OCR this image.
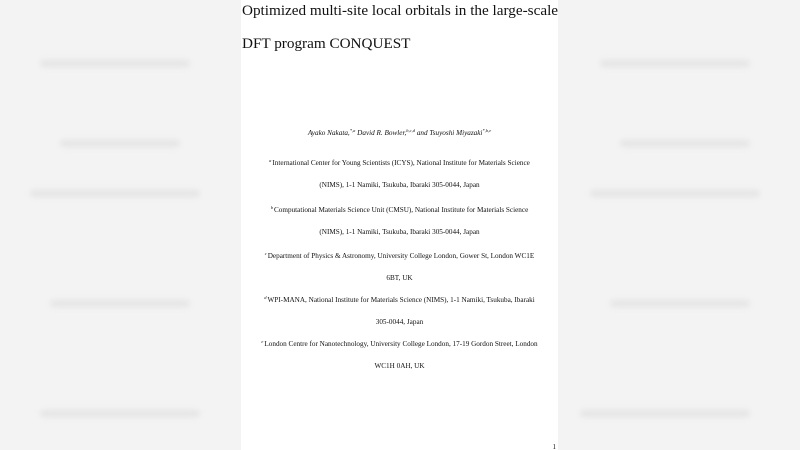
Optimized multi-site local orbitals in the large-scale
DFT program CONQUEST
Ayako Nakata,$^{*,a}$ David R. Bowler,$^{b,c,d}$ and Tsuyoshi Miyazaki$^{*,b,e}$
$^a$International Center for Young Scientists (ICYS), National Institute for Materials Science
(NIMS), 1-1 Namiki, Tsukuba, Ibaraki 305-0044, Japan
$^b$Computational Materials Science Unit (CMSU), National Institute for Materials Science
(NIMS), 1-1 Namiki, Tsukuba, Ibaraki 305-0044, Japan
$^c$Department of Physics & Astronomy, University College London, Gower St, London WC1E
6BT, UK
$^d$WPI-MANA, National Institute for Materials Science (NIMS), 1-1 Namiki, Tsukuba, Ibaraki
305-0044, Japan
$^e$London Centre for Nanotechnology, University College London, 17-19 Gordon Street, London
WC1H 0AH, UK
1
